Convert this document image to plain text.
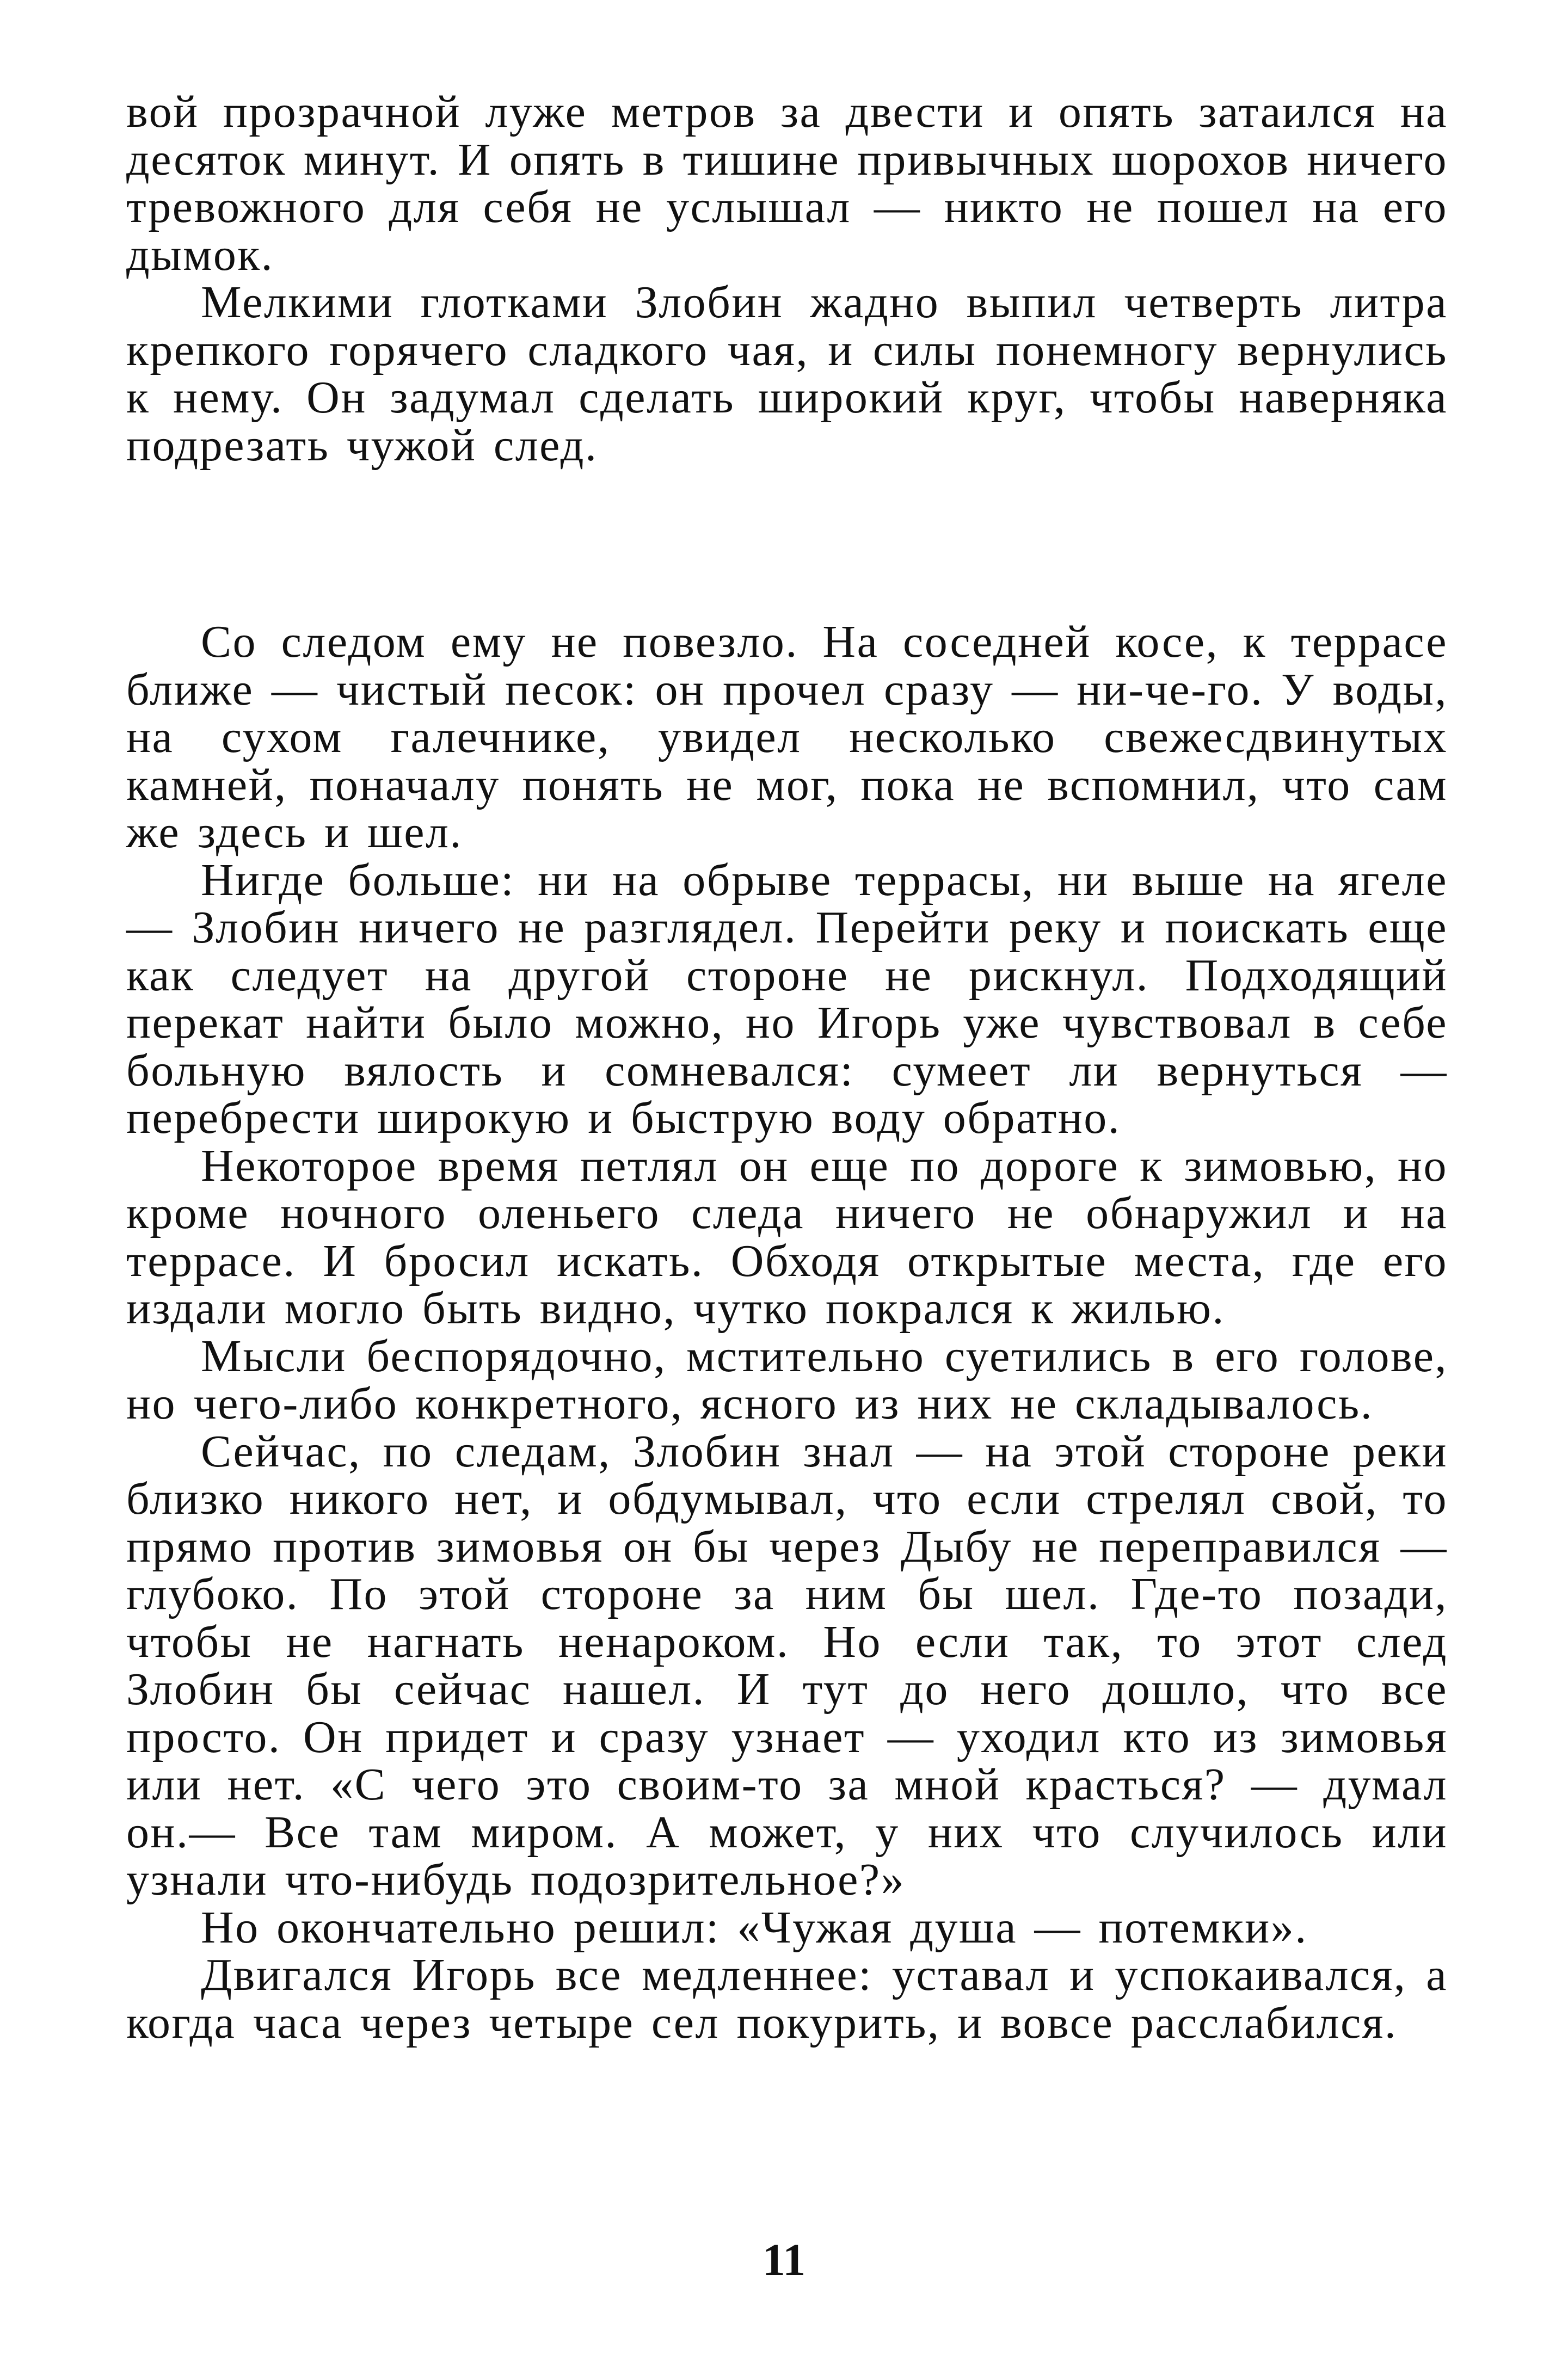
вой прозрачной луже метров за двести и опять затаился на десяток минут. И опять в тишине привычных шорохов ничего тревожного для себя не услышал — никто не пошел на его дымок.

Мелкими глотками Злобин жадно выпил четверть литра крепкого горячего сладкого чая, и силы понемногу вернулись к нему. Он задумал сделать широкий круг, чтобы наверняка подрезать чужой след.

Со следом ему не повезло. На соседней косе, к террасе ближе — чистый песок: он прочел сразу — ни-че-го. У воды, на сухом галечнике, увидел несколько свежесдвинутых камней, поначалу понять не мог, пока не вспомнил, что сам же здесь и шел.

Нигде больше: ни на обрыве террасы, ни выше на ягеле — Злобин ничего не разглядел. Перейти реку и поискать еще как следует на другой стороне не рискнул. Подходящий перекат найти было можно, но Игорь уже чувствовал в себе больную вялость и сомневался: сумеет ли вернуться — перебрести широкую и быструю воду обратно.

Некоторое время петлял он еще по дороге к зимовью, но кроме ночного оленьего следа ничего не обнаружил и на террасе. И бросил искать. Обходя открытые места, где его издали могло быть видно, чутко покрался к жилью.

Мысли беспорядочно, мстительно суетились в его голове, но чего-либо конкретного, ясного из них не складывалось.

Сейчас, по следам, Злобин знал — на этой стороне реки близко никого нет, и обдумывал, что если стрелял свой, то прямо против зимовья он бы через Дыбу не переправился — глубоко. По этой стороне за ним бы шел. Где-то позади, чтобы не нагнать ненароком. Но если так, то этот след Злобин бы сейчас нашел. И тут до него дошло, что все просто. Он придет и сразу узнает — уходил кто из зимовья или нет. «С чего это своим-то за мной красться? — думал он.— Все там миром. А может, у них что случилось или узнали что-нибудь подозрительное?»

Но окончательно решил: «Чужая душа — потемки».

Двигался Игорь все медленнее: уставал и успокаивался, а когда часа через четыре сел покурить, и вовсе расслабился.

11
